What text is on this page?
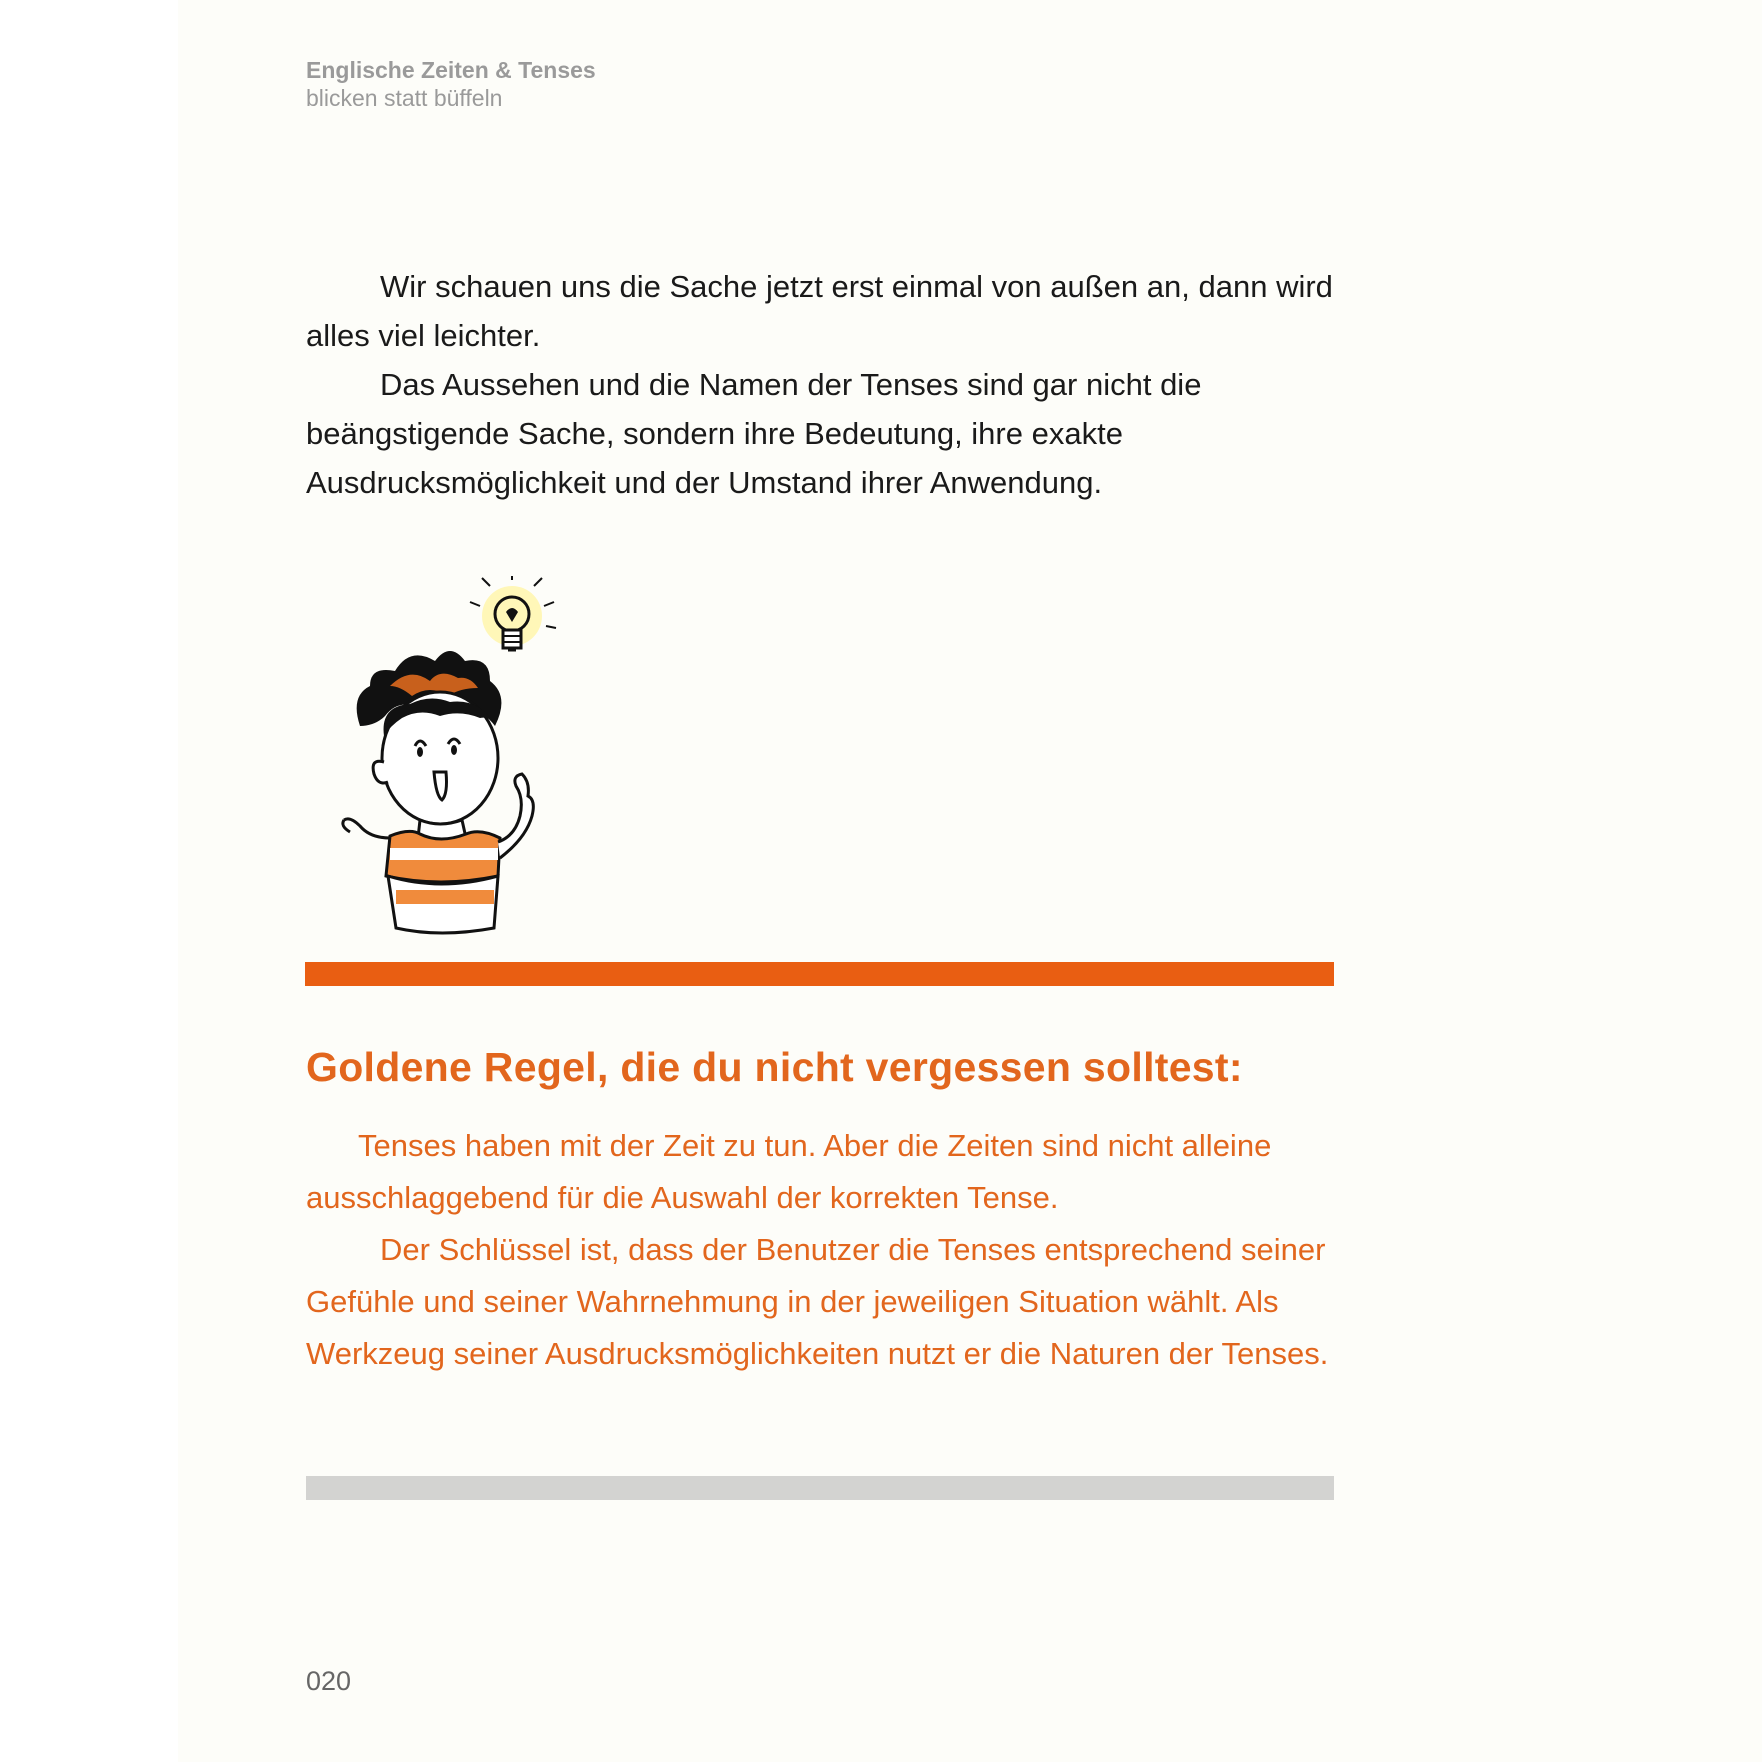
Englische Zeiten & Tenses
blicken statt büffeln

Wir schauen uns die Sache jetzt erst einmal von außen an, dann wird alles viel leichter.

Das Aussehen und die Namen der Tenses sind gar nicht die beängstigende Sache, sondern ihre Bedeutung, ihre exakte Ausdrucksmöglichkeit und der Umstand ihrer Anwendung.

Goldene Regel, die du nicht vergessen solltest:

Tenses haben mit der Zeit zu tun. Aber die Zeiten sind nicht alleine ausschlaggebend für die Auswahl der korrekten Tense.

Der Schlüssel ist, dass der Benutzer die Tenses entsprechend seiner Gefühle und seiner Wahrnehmung in der jeweiligen Situation wählt. Als Werkzeug seiner Ausdrucksmöglichkeiten nutzt er die Naturen der Tenses.

020
